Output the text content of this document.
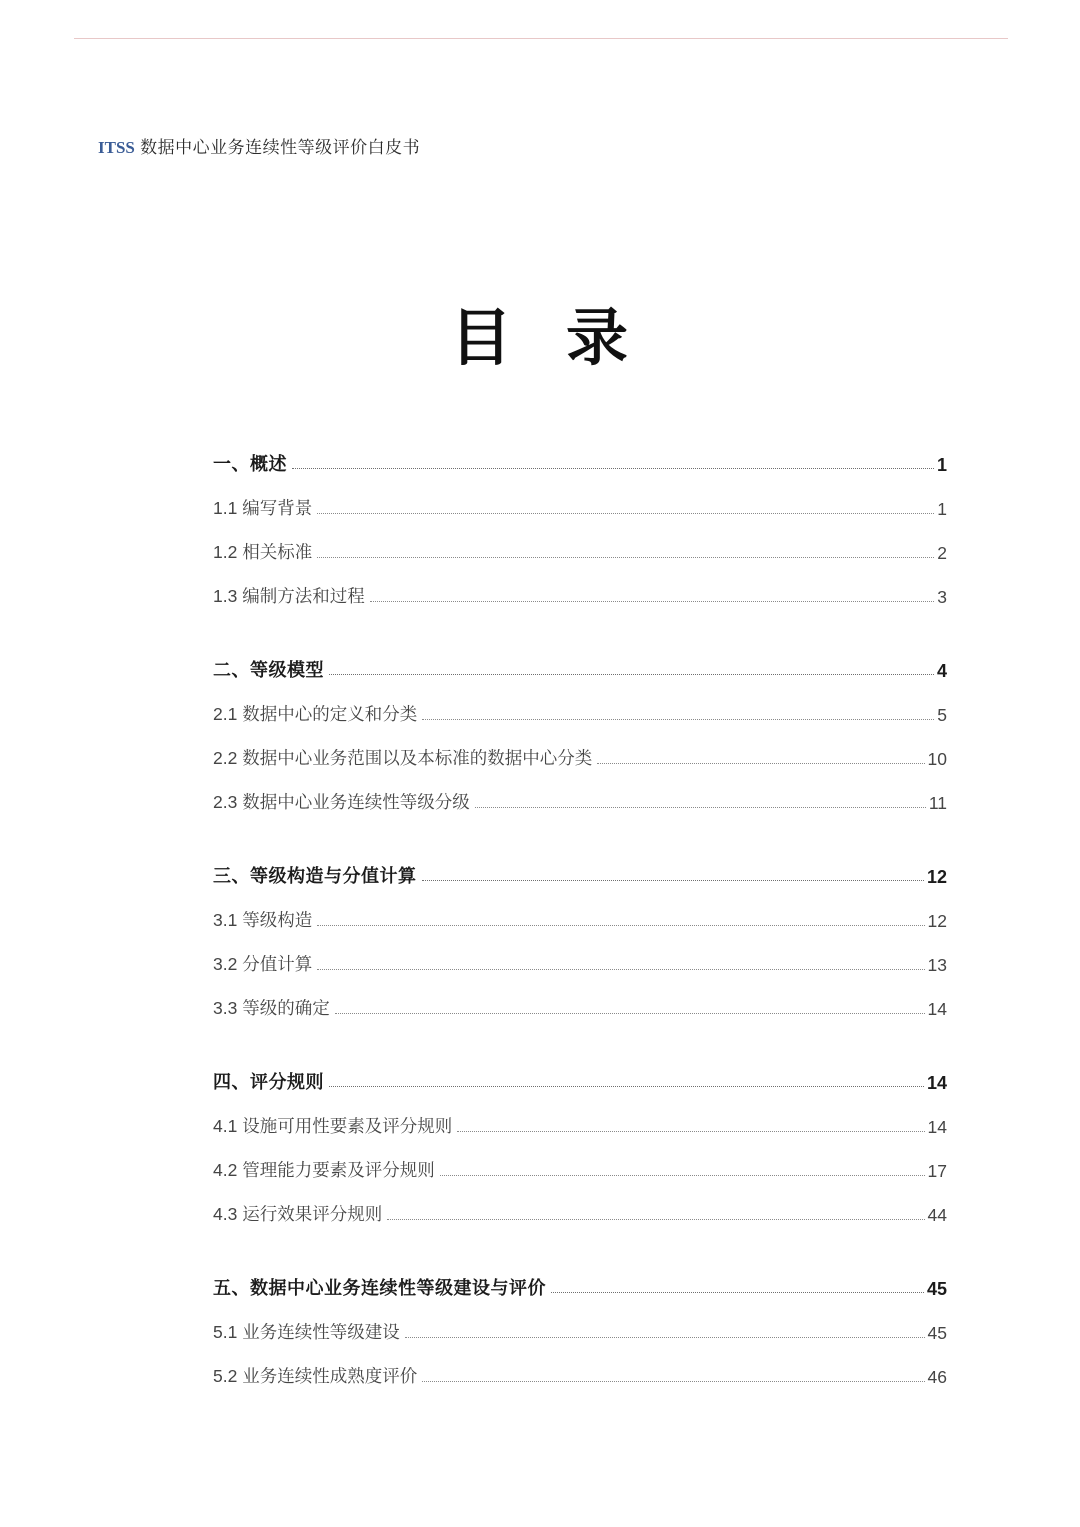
ITSS 数据中心业务连续性等级评价白皮书
目 录
一、概述	1
1.1 编写背景	1
1.2 相关标准	2
1.3 编制方法和过程	3
二、等级模型	4
2.1 数据中心的定义和分类	5
2.2 数据中心业务范围以及本标准的数据中心分类	10
2.3 数据中心业务连续性等级分级	11
三、等级构造与分值计算	12
3.1 等级构造	12
3.2 分值计算	13
3.3 等级的确定	14
四、评分规则	14
4.1 设施可用性要素及评分规则	14
4.2 管理能力要素及评分规则	17
4.3 运行效果评分规则	44
五、数据中心业务连续性等级建设与评价	45
5.1 业务连续性等级建设	45
5.2 业务连续性成熟度评价	46
